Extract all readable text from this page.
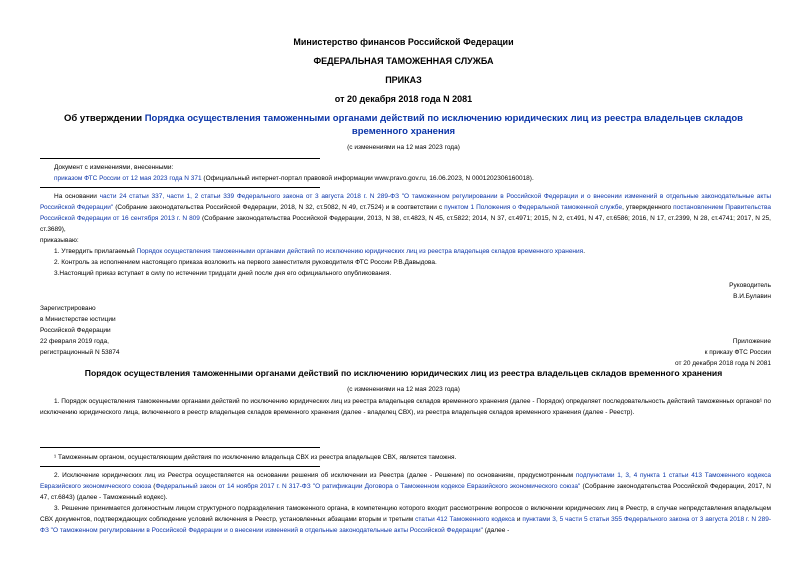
Министерство финансов Российской Федерации
ФЕДЕРАЛЬНАЯ ТАМОЖЕННАЯ СЛУЖБА
ПРИКАЗ
от 20 декабря 2018 года N 2081
Об утверждении Порядка осуществления таможенными органами действий по исключению юридических лиц из реестра владельцев складов временного хранения
(с изменениями на 12 мая 2023 года)
Документ с изменениями, внесенными:
приказом ФТС России от 12 мая 2023 года N 371 (Официальный интернет-портал правовой информации www.pravo.gov.ru, 16.06.2023, N 0001202306160018).
На основании части 24 статьи 337, части 1, 2 статьи 339 Федерального закона от 3 августа 2018 г. N 289-ФЗ "О таможенном регулировании в Российской Федерации и о внесении изменений в отдельные законодательные акты Российской Федерации" (Собрание законодательства Российской Федерации, 2018, N 32, ст.5082, N 49, ст.7524) и в соответствии с пунктом 1 Положения о Федеральной таможенной службе, утвержденного постановлением Правительства Российской Федерации от 16 сентября 2013 г. N 809 (Собрание законодательства Российской Федерации, 2013, N 38, ст.4823, N 45, ст.5822; 2014, N 37, ст.4971; 2015, N 2, ст.491, N 47, ст.6586; 2016, N 17, ст.2399, N 28, ст.4741; 2017, N 25, ст.3689),
приказываю:
1. Утвердить прилагаемый Порядок осуществления таможенными органами действий по исключению юридических лиц из реестра владельцев складов временного хранения.
2. Контроль за исполнением настоящего приказа возложить на первого заместителя руководителя ФТС России Р.В.Давыдова.
3.Настоящий приказ вступает в силу по истечении тридцати дней после дня его официального опубликования.
Руководитель
В.И.Булавин
Зарегистрировано
в Министерстве юстиции
Российской Федерации
22 февраля 2019 года,
регистрационный N 53874
Приложение
к приказу ФТС России
от 20 декабря 2018 года N 2081
Порядок осуществления таможенными органами действий по исключению юридических лиц из реестра владельцев складов временного хранения
(с изменениями на 12 мая 2023 года)
1. Порядок осуществления таможенными органами действий по исключению юридических лиц из реестра владельцев складов временного хранения (далее - Порядок) определяет последовательность действий таможенных органов¹ по исключению юридического лица, включенного в реестр владельцев складов временного хранения (далее - владелец СВХ), из реестра владельцев складов временного хранения (далее - Реестр).
¹ Таможенным органом, осуществляющим действия по исключению владельца СВХ из реестра владельцев СВХ, является таможня.
2. Исключение юридических лиц из Реестра осуществляется на основании решения об исключении из Реестра (далее - Решение) по основаниям, предусмотренным подпунктами 1, 3, 4 пункта 1 статьи 413 Таможенного кодекса Евразийского экономического союза (Федеральный закон от 14 ноября 2017 г. N 317-ФЗ "О ратификации Договора о Таможенном кодексе Евразийского экономического союза" (Собрание законодательства Российской Федерации, 2017, N 47, ст.6843) (далее - Таможенный кодекс).
3. Решение принимается должностным лицом структурного подразделения таможенного органа, в компетенцию которого входит рассмотрение вопросов о включении юридических лиц в Реестр, в случае непредставления владельцем СВХ документов, подтверждающих соблюдение условий включения в Реестр, установленных абзацами вторым и третьим статьи 412 Таможенного кодекса и пунктами 3, 5 части 5 статьи 355 Федерального закона от 3 августа 2018 г. N 289-ФЗ "О таможенном регулировании в Российской Федерации и о внесении изменений в отдельные законодательные акты Российской Федерации" (далее -
